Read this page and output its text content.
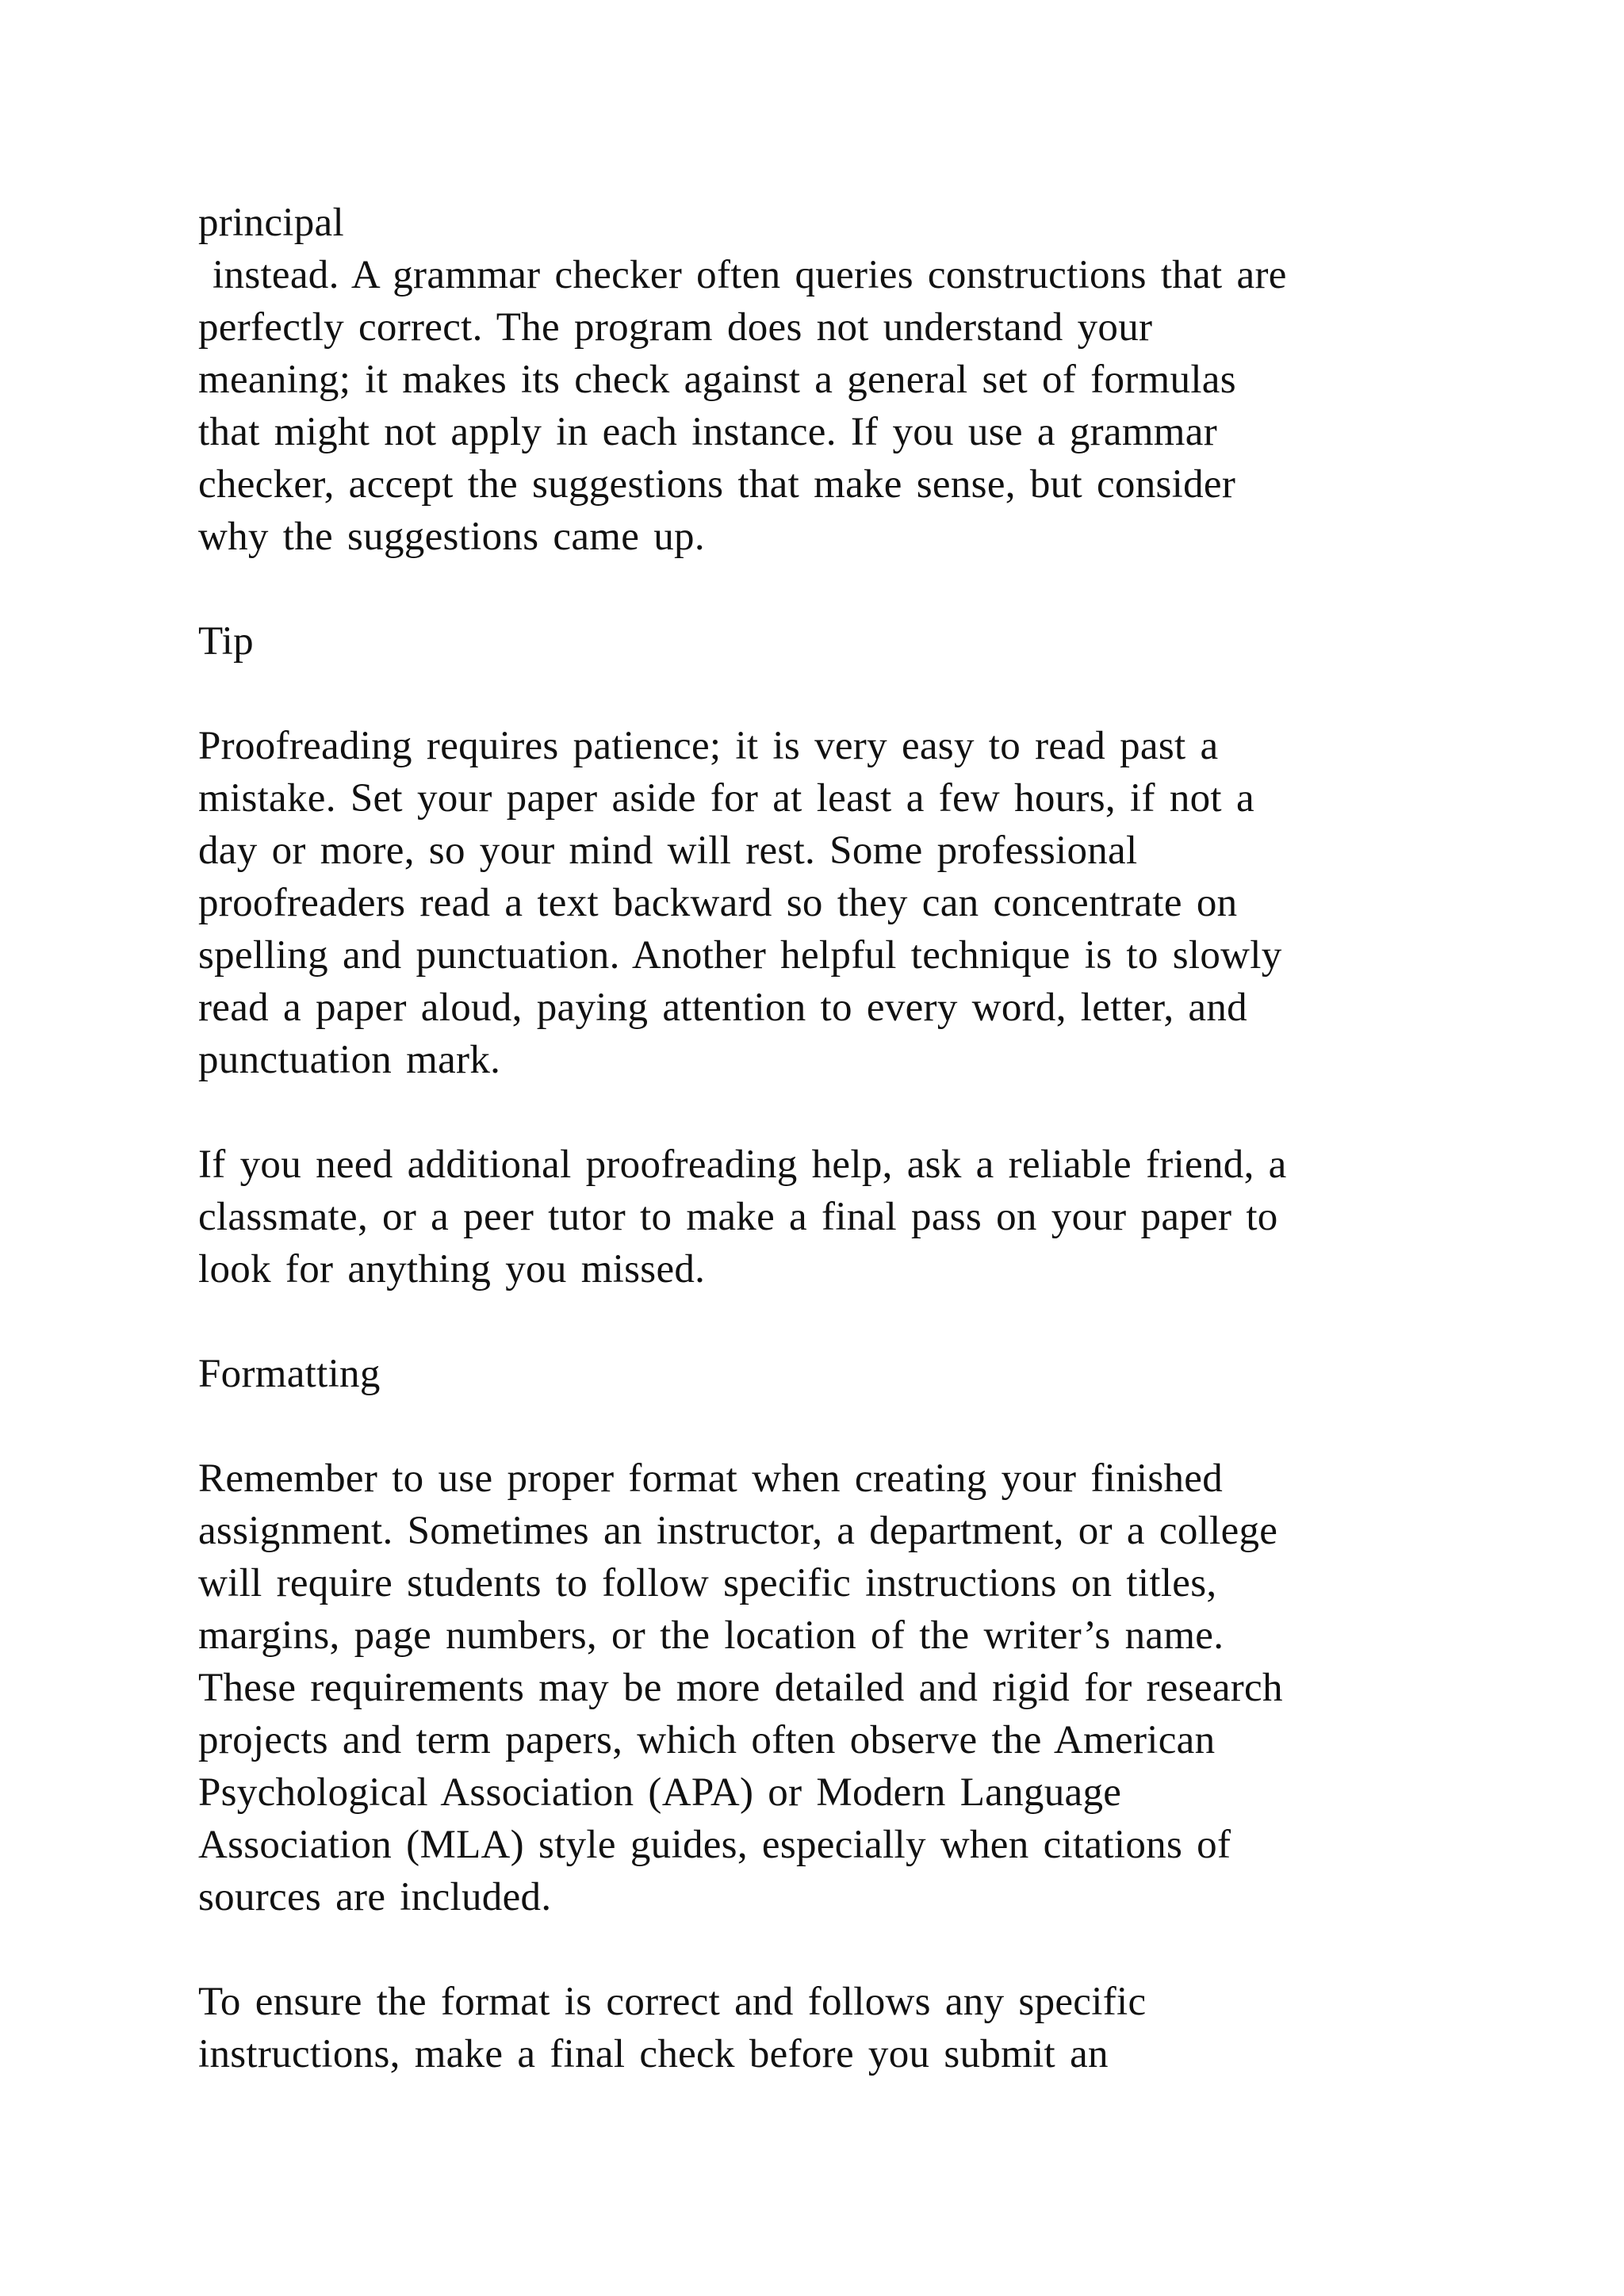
principal
instead. A grammar checker often queries constructions that are
perfectly correct. The program does not understand your
meaning; it makes its check against a general set of formulas
that might not apply in each instance. If you use a grammar
checker, accept the suggestions that make sense, but consider
why the suggestions came up.
Tip
Proofreading requires patience; it is very easy to read past a
mistake. Set your paper aside for at least a few hours, if not a
day or more, so your mind will rest. Some professional
proofreaders read a text backward so they can concentrate on
spelling and punctuation. Another helpful technique is to slowly
read a paper aloud, paying attention to every word, letter, and
punctuation mark.
If you need additional proofreading help, ask a reliable friend, a
classmate, or a peer tutor to make a final pass on your paper to
look for anything you missed.
Formatting
Remember to use proper format when creating your finished
assignment. Sometimes an instructor, a department, or a college
will require students to follow specific instructions on titles,
margins, page numbers, or the location of the writer’s name.
These requirements may be more detailed and rigid for research
projects and term papers, which often observe the American
Psychological Association (APA) or Modern Language
Association (MLA) style guides, especially when citations of
sources are included.
To ensure the format is correct and follows any specific
instructions, make a final check before you submit an
